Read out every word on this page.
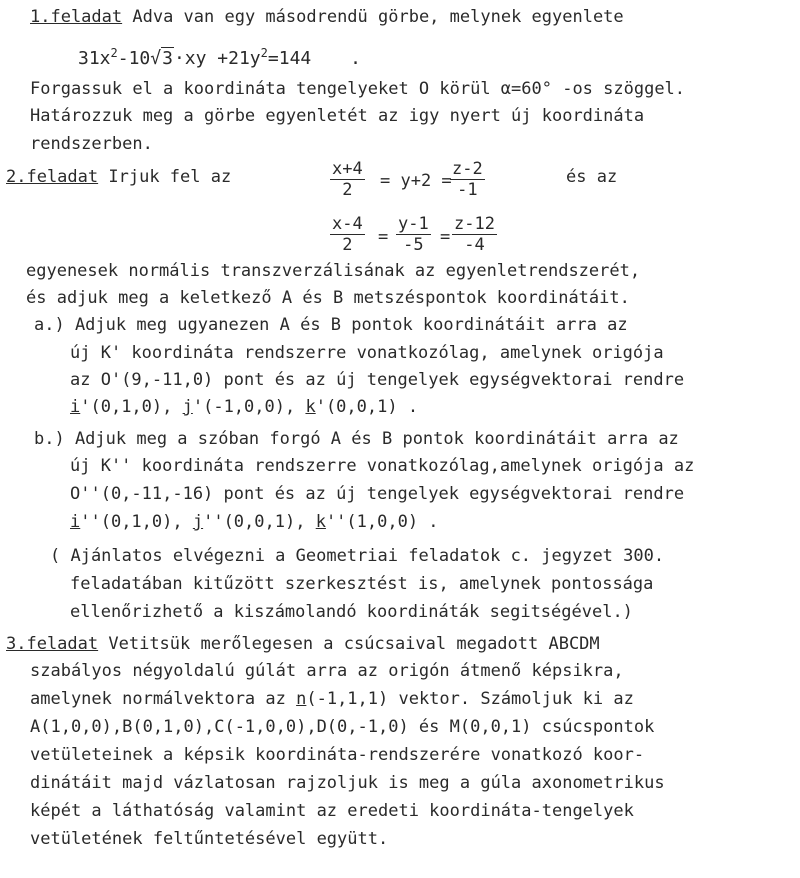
1.feladat Adva van egy másodrendü görbe, melynek egyenlete
$31x^2-10√3\cdot xy +21y^2=144$ .
Forgassuk el a koordináta tengelyeket O körül α=60° -os szöggel.
Határozzuk meg a görbe egyenletét az igy nyert új koordináta
rendszerben.
2.feladat Irjuk fel az	$\frac{x+4}{2} = y+2$ =
$\frac{z-2}{-1}$	és az
$\frac{x-4}{2} = \frac{y-1}{-5} = \frac{z-12}{-4}$
egyenesek normális transzverzálisának az egyenletrendszerét,
és adjuk meg a keletkező A és B metszéspontok koordinátáit.
a.) Adjuk meg ugyanezen A és B pontok koordinátáit arra az
új K' koordináta rendszerre vonatkozólag, amelynek origója
az O'(9,-11,0) pont és az új tengelyek egységvektorai rendre
i'(0,1,0), j'(-1,0,0), k'(0,0,1) .
b.) Adjuk meg a szóban forgó A és B pontok koordinátáit arra az
új K'' koordináta rendszerre vonatkozólag,amelynek origója az
O''(0,-11,-16) pont és az új tengelyek egységvektorai rendre
i''(0,1,0), j''(0,0,1), k''(1,0,0) .
( Ajánlatos elvégezni a Geometriai feladatok c. jegyzet 300.
feladatában kitűzött szerkesztést is, amelynek pontossága
ellenőrizhető a kiszámolandó koordináták segitségével.)
3.feladat Vetitsük merőlegesen a csúcsaival megadott ABCDM
szabályos négyoldalú gúlát arra az origón átmenő képsikra,
amelynek normálvektora az n(-1,1,1) vektor. Számoljuk ki az
A(1,0,0),B(0,1,0),C(-1,0,0),D(0,-1,0) és M(0,0,1) csúcspontok
vetületeinek a képsik koordináta-rendszerére vonatkozó koor-
dinátáit majd vázlatosan rajzoljuk is meg a gúla axonometrikus
képét a láthatóság valamint az eredeti koordináta-tengelyek
vetületének feltűntetésével együtt.
